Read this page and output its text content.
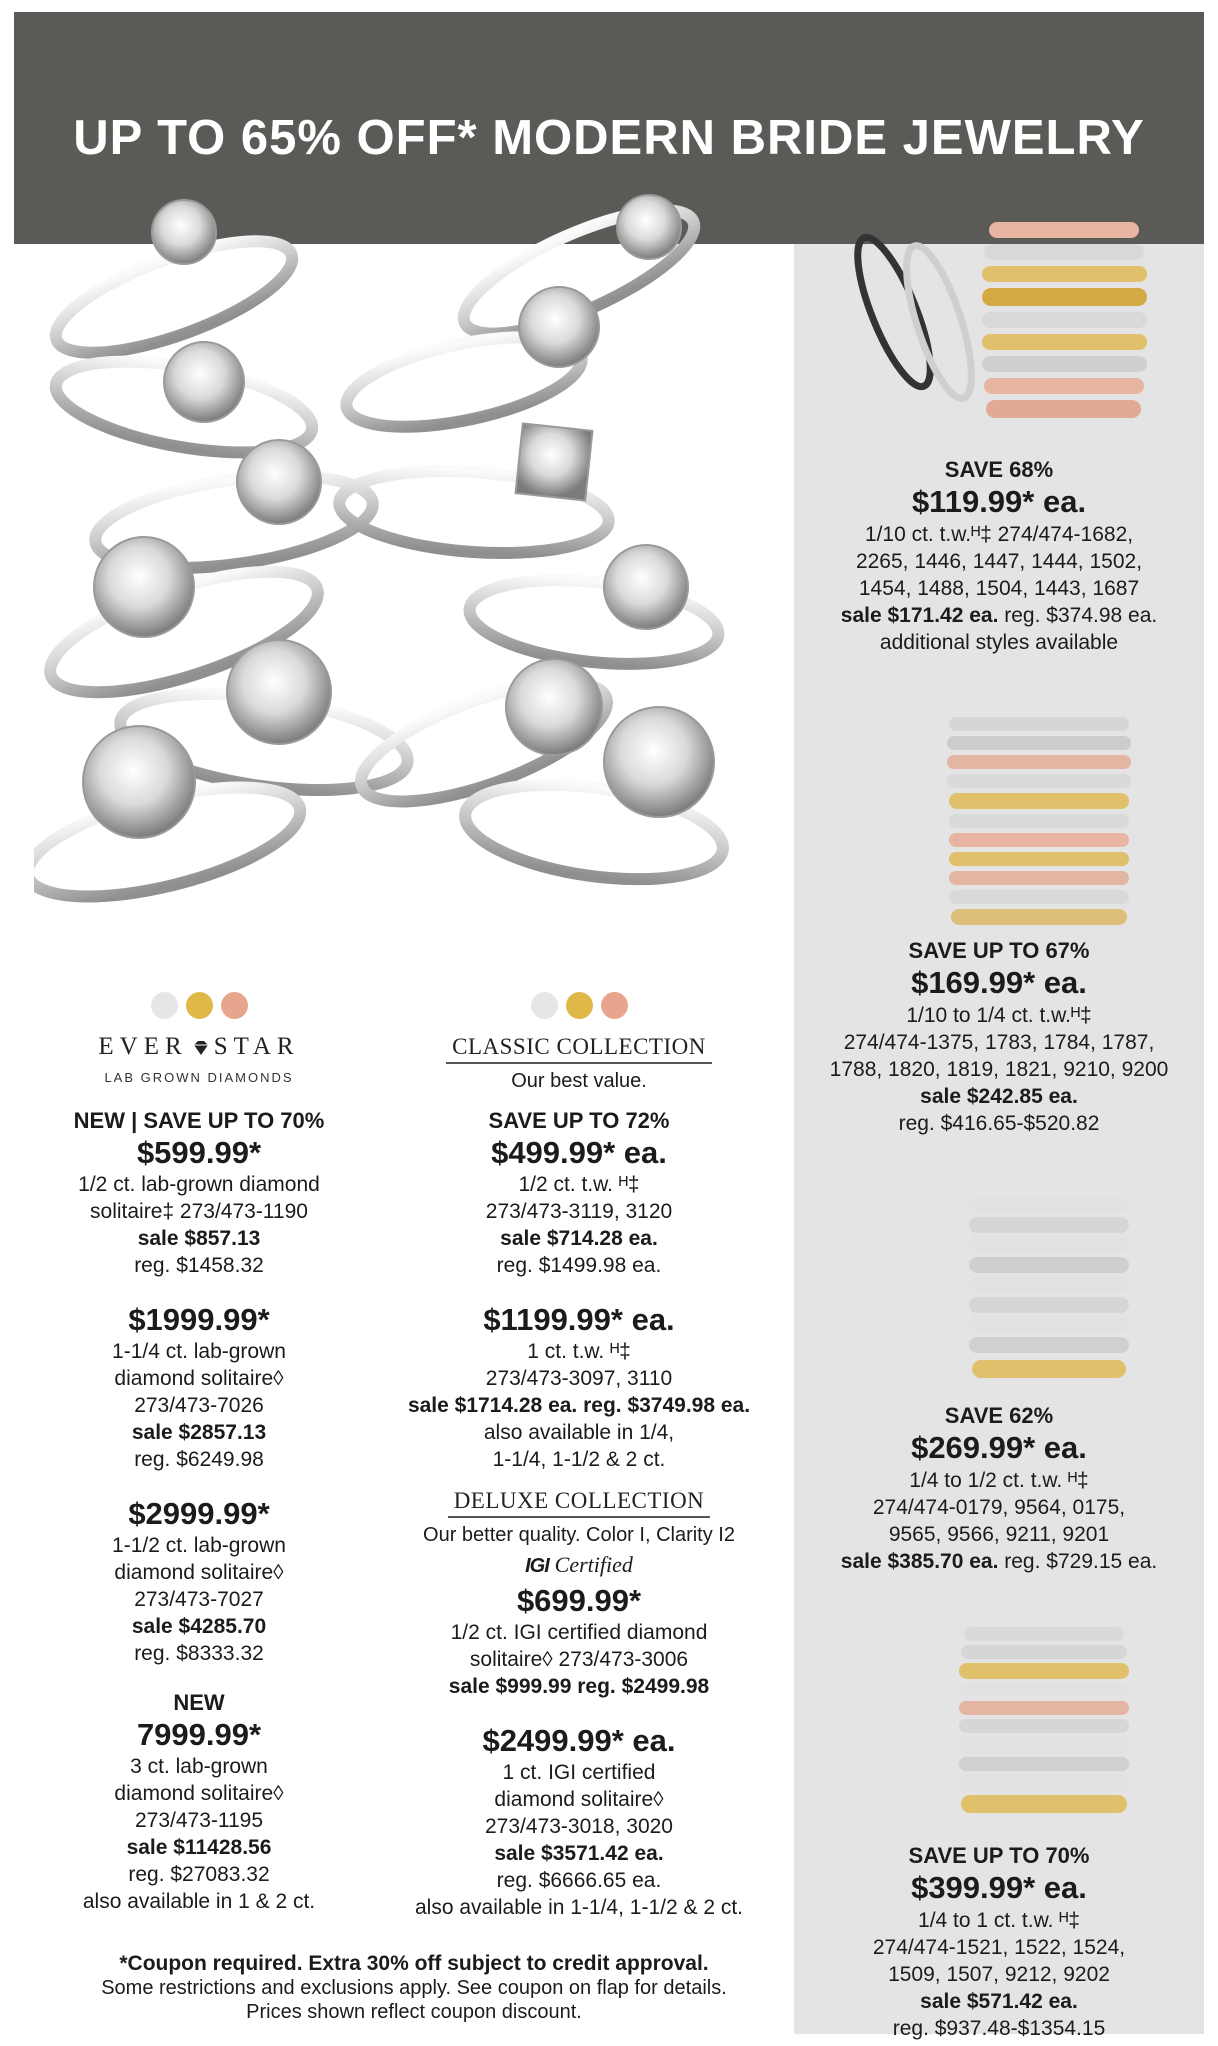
UP TO 65% OFF* MODERN BRIDE JEWELRY
EVER STAR
LAB GROWN DIAMONDS
NEW | SAVE UP TO 70%
$599.99*
1/2 ct. lab-grown diamond
solitaire‡ 273/473-1190
sale $857.13
reg. $1458.32
$1999.99*
1-1/4 ct. lab-grown
diamond solitaire◊
273/473-7026
sale $2857.13
reg. $6249.98
$2999.99*
1-1/2 ct. lab-grown
diamond solitaire◊
273/473-7027
sale $4285.70
reg. $8333.32
NEW
7999.99*
3 ct. lab-grown
diamond solitaire◊
273/473-1195
sale $11428.56
reg. $27083.32
also available in 1 & 2 ct.
CLASSIC COLLECTION
Our best value.
SAVE UP TO 72%
$499.99* ea.
1/2 ct. t.w. ᴴ‡
273/473-3119, 3120
sale $714.28 ea.
reg. $1499.98 ea.
$1199.99* ea.
1 ct. t.w. ᴴ‡
273/473-3097, 3110
sale $1714.28 ea. reg. $3749.98 ea.
also available in 1/4,
1-1/4, 1-1/2 & 2 ct.
DELUXE COLLECTION
Our better quality. Color I, Clarity I2
IGI Certified
$699.99*
1/2 ct. IGI certified diamond
solitaire◊ 273/473-3006
sale $999.99 reg. $2499.98
$2499.99* ea.
1 ct. IGI certified
diamond solitaire◊
273/473-3018, 3020
sale $3571.42 ea.
reg. $6666.65 ea.
also available in 1-1/4, 1-1/2 & 2 ct.
SAVE 68%
$119.99* ea.
1/10 ct. t.w.ᴴ‡ 274/474-1682,
2265, 1446, 1447, 1444, 1502,
1454, 1488, 1504, 1443, 1687
sale $171.42 ea. reg. $374.98 ea.
additional styles available
SAVE UP TO 67%
$169.99* ea.
1/10 to 1/4 ct. t.w.ᴴ‡
274/474-1375, 1783, 1784, 1787,
1788, 1820, 1819, 1821, 9210, 9200
sale $242.85 ea.
reg. $416.65-$520.82
SAVE 62%
$269.99* ea.
1/4 to 1/2 ct. t.w. ᴴ‡
274/474-0179, 9564, 0175,
9565, 9566, 9211, 9201
sale $385.70 ea. reg. $729.15 ea.
SAVE UP TO 70%
$399.99* ea.
1/4 to 1 ct. t.w. ᴴ‡
274/474-1521, 1522, 1524,
1509, 1507, 9212, 9202
sale $571.42 ea.
reg. $937.48-$1354.15
*Coupon required. Extra 30% off subject to credit approval.
Some restrictions and exclusions apply. See coupon on flap for details.
Prices shown reflect coupon discount.
